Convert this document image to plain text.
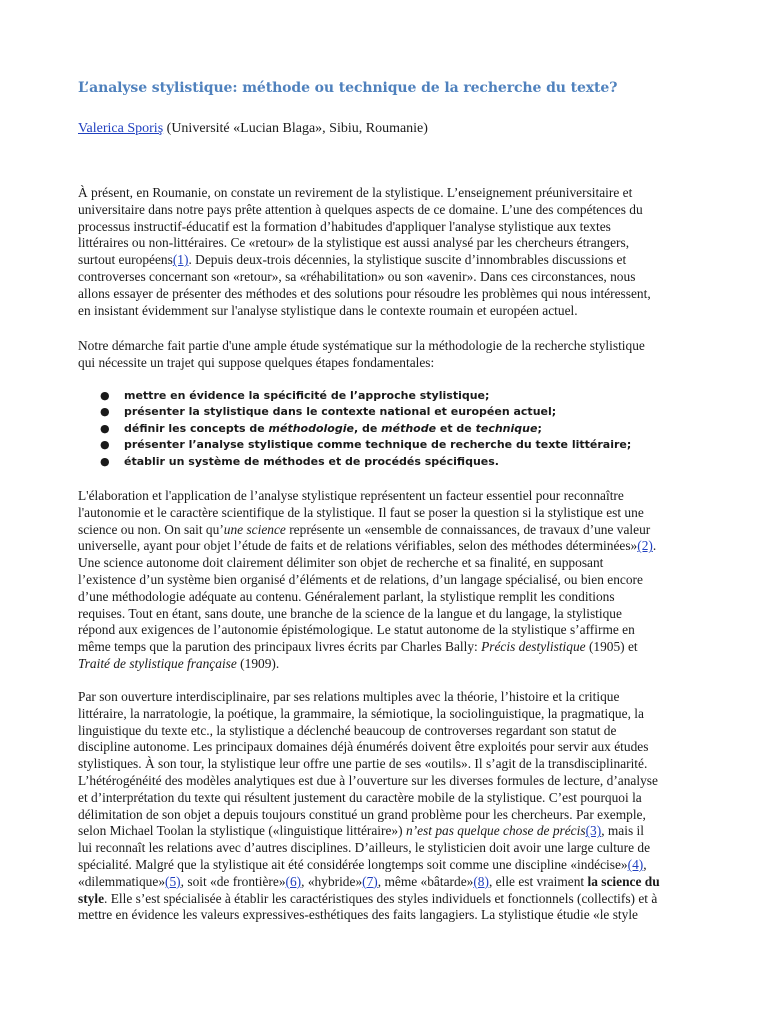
L’analyse stylistique: méthode ou technique de la recherche du texte?

Valerica Sporiş (Université «Lucian Blaga», Sibiu, Roumanie)

À présent, en Roumanie, on constate un revirement de la stylistique. L’enseignement préuniversitaire et
universitaire dans notre pays prête attention à quelques aspects de ce domaine. L’une des compétences du
processus instructif-éducatif est la formation d’habitudes d'appliquer l'analyse stylistique aux textes
littéraires ou non-littéraires. Ce «retour» de la stylistique est aussi analysé par les chercheurs étrangers,
surtout européens(1). Depuis deux-trois décennies, la stylistique suscite d’innombrables discussions et
controverses concernant son «retour», sa «réhabilitation» ou son «avenir». Dans ces circonstances, nous
allons essayer de présenter des méthodes et des solutions pour résoudre les problèmes qui nous intéressent,
en insistant évidemment sur l'analyse stylistique dans le contexte roumain et européen actuel.

Notre démarche fait partie d'une ample étude systématique sur la méthodologie de la recherche stylistique
qui nécessite un trajet qui suppose quelques étapes fondamentales:

● mettre en évidence la spécificité de l’approche stylistique;
● présenter la stylistique dans le contexte national et européen actuel;
● définir les concepts de méthodologie, de méthode et de technique;
● présenter l’analyse stylistique comme technique de recherche du texte littéraire;
● établir un système de méthodes et de procédés spécifiques.

L'élaboration et l'application de l’analyse stylistique représentent un facteur essentiel pour reconnaître
l'autonomie et le caractère scientifique de la stylistique. Il faut se poser la question si la stylistique est une
science ou non. On sait qu’une science représente un «ensemble de connaissances, de travaux d’une valeur
universelle, ayant pour objet l’étude de faits et de relations vérifiables, selon des méthodes déterminées»(2).
Une science autonome doit clairement délimiter son objet de recherche et sa finalité, en supposant
l’existence d’un système bien organisé d’éléments et de relations, d’un langage spécialisé, ou bien encore
d’une méthodologie adéquate au contenu. Généralement parlant, la stylistique remplit les conditions
requises. Tout en étant, sans doute, une branche de la science de la langue et du langage, la stylistique
répond aux exigences de l’autonomie épistémologique. Le statut autonome de la stylistique s’affirme en
même temps que la parution des principaux livres écrits par Charles Bally: Précis destylistique (1905) et
Traité de stylistique française (1909).

Par son ouverture interdisciplinaire, par ses relations multiples avec la théorie, l’histoire et la critique
littéraire, la narratologie, la poétique, la grammaire, la sémiotique, la sociolinguistique, la pragmatique, la
linguistique du texte etc., la stylistique a déclenché beaucoup de controverses regardant son statut de
discipline autonome. Les principaux domaines déjà énumérés doivent être exploités pour servir aux études
stylistiques. À son tour, la stylistique leur offre une partie de ses «outils». Il s’agit de la transdisciplinarité.
L’hétérogénéité des modèles analytiques est due à l’ouverture sur les diverses formules de lecture, d’analyse
et d’interprétation du texte qui résultent justement du caractère mobile de la stylistique. C’est pourquoi la
délimitation de son objet a depuis toujours constitué un grand problème pour les chercheurs. Par exemple,
selon Michael Toolan la stylistique («linguistique littéraire») n’est pas quelque chose de précis(3), mais il
lui reconnaît les relations avec d’autres disciplines. D’ailleurs, le stylisticien doit avoir une large culture de
spécialité. Malgré que la stylistique ait été considérée longtemps soit comme une discipline «indécise»(4),
«dilemmatique»(5), soit «de frontière»(6), «hybride»(7), même «bâtarde»(8), elle est vraiment la science du
style. Elle s’est spécialisée à établir les caractéristiques des styles individuels et fonctionnels (collectifs) et à
mettre en évidence les valeurs expressives-esthétiques des faits langagiers. La stylistique étudie «le style
